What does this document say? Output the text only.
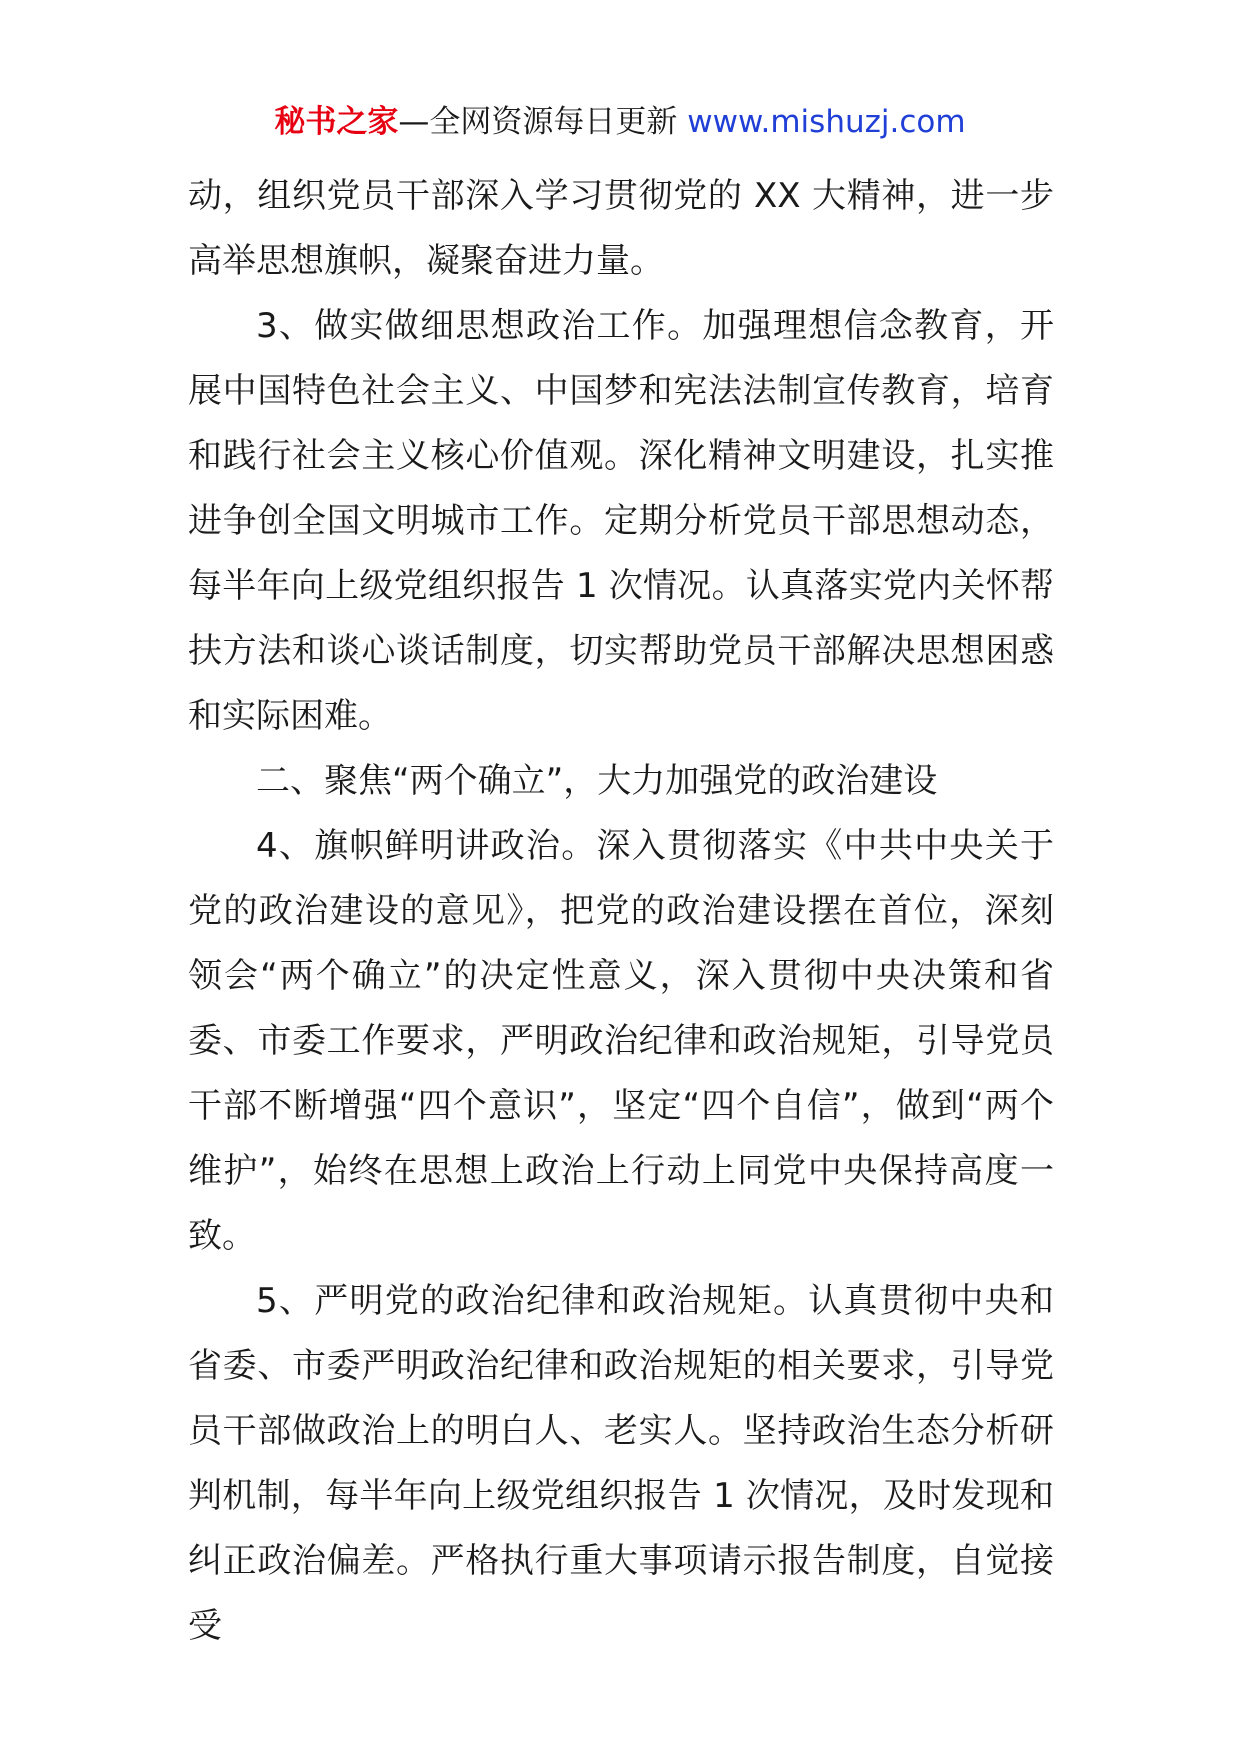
秘书之家—全网资源每日更新 www.mishuzj.com

动，组织党员干部深入学习贯彻党的 XX 大精神，进一步高举思想旗帜，凝聚奋进力量。

3、做实做细思想政治工作。加强理想信念教育，开展中国特色社会主义、中国梦和宪法法制宣传教育，培育和践行社会主义核心价值观。深化精神文明建设，扎实推进争创全国文明城市工作。定期分析党员干部思想动态，每半年向上级党组织报告 1 次情况。认真落实党内关怀帮扶方法和谈心谈话制度，切实帮助党员干部解决思想困惑和实际困难。

二、聚焦“两个确立”，大力加强党的政治建设

4、旗帜鲜明讲政治。深入贯彻落实《中共中央关于党的政治建设的意见》，把党的政治建设摆在首位，深刻领会“两个确立”的决定性意义，深入贯彻中央决策和省委、市委工作要求，严明政治纪律和政治规矩，引导党员干部不断增强“四个意识”，坚定“四个自信”，做到“两个维护”，始终在思想上政治上行动上同党中央保持高度一致。

5、严明党的政治纪律和政治规矩。认真贯彻中央和省委、市委严明政治纪律和政治规矩的相关要求，引导党员干部做政治上的明白人、老实人。坚持政治生态分析研判机制，每半年向上级党组织报告 1 次情况，及时发现和纠正政治偏差。严格执行重大事项请示报告制度，自觉接受
